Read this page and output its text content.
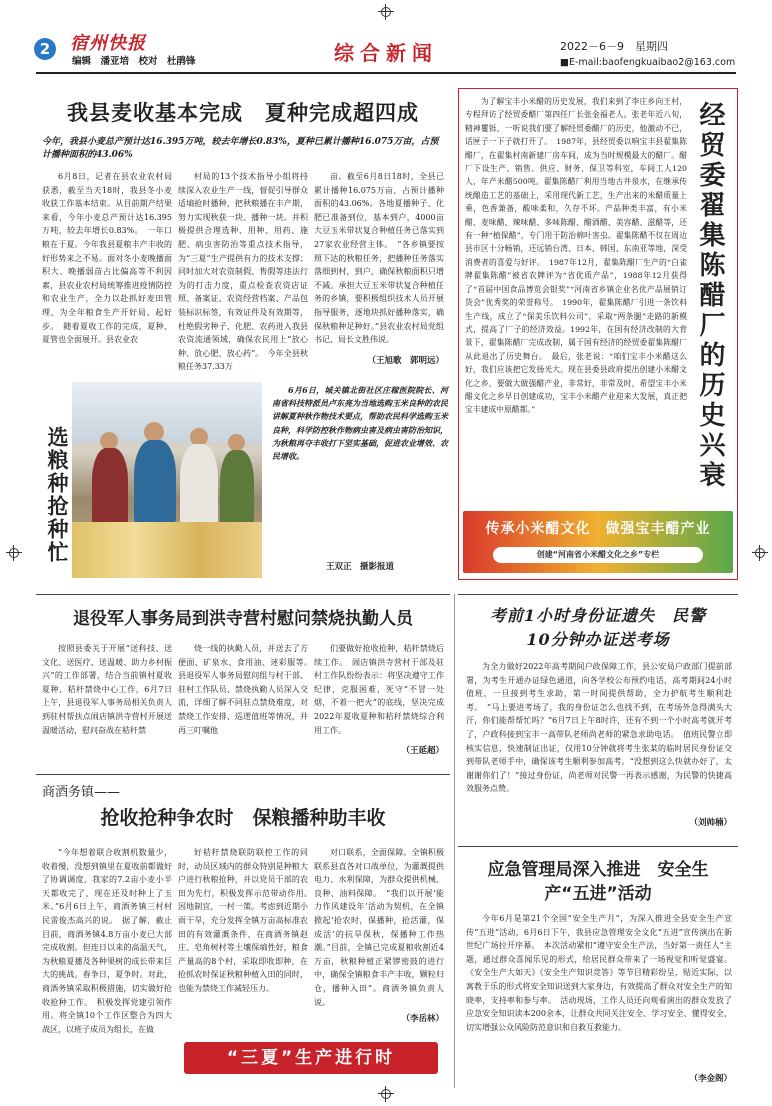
2	宿州快报
编辑　潘亚培　校对　杜鹃锋	综合新闻	2022－6－9　星期四
■E-mail:baofengkuaibao2@163.com
我县麦收基本完成　夏种完成超四成
今年，我县小麦总产预计达16.395万吨，较去年增长0.83%，夏种已累计播种16.075万亩，占预计播种面积的43.06%

6月8日，记者在县农业农村局获悉，截至当天18时，我县冬小麦收获工作基本结束。从目前期产结果来看，今年小麦总产预计达16.395万吨，较去年增长0.83%。　一年口粮在于夏。今年我县夏粮丰产丰收的好形势来之不易。面对冬小麦晚播面积大、晚播弱苗占比偏高等不利因素，县农业农村局统筹推进疫情防控和农业生产，全力以赴抓好麦田管理，为全年粮食生产开好局、起好步。　随着夏收工作的完成，夏种、夏管也全面展开。县农业农

村局的13个技术指导小组将持续深入农业生产一线，督促引导群众适墒抢时播种，把秋粮播在丰产期，努力实现秋获一块、播种一块。并积极提供合理选种、用种、用药、施肥、病虫害防治等重点技术指导，为“三夏”生产提供有力的技术支撑；同时加大对农资制假、售假等违法行为的打击力度，重点检查农资店证照、备案证、农资经营档案、产品包装标识标签，有效证件及有效期等，杜绝假劣种子、化肥、农药进入我县农资流通领域，确保农民用上“放心种、放心肥、放心药”。　今年全县秋粮任务37.33万

亩。截至6月8日18时，全县已累计播种16.075万亩，占预计播种面积的43.06%。各地夏播种子、化肥已准备到位，基本到户，4000亩大豆玉米带状复合种植任务已落实到27家农业经营主体。　“各乡镇要按照下达的秋粮任务，把播种任务落实落细到村，到户，确保秋粮面积只增不减。承担大豆玉米带状复合种植任务的乡镇，要积极组织技术人员开展指导服务，逐地块抓好播种落实，确保秋粮种足种好。”县农业农村局党组书记、局长文胜伟说。

（王旭歌　郭明远）
选粮种抢种忙

6月6日，城关镇北街社区庄稼医院院长、河南省科技特派员卢东亮为当地选购玉米良种的农民讲解夏种秋作物技术要点，帮助农民科学选购玉米良种，科学防控秋作物病虫害及病虫害防治知识，为秋粮再夺丰收打下坚实基础，促进农业增效、农民增收。

王双正　摄影报道

为了解宝丰小米醋的历史发展，我们来到了李庄乡向王村，专程拜访了经贸委醋厂第四任厂长张金福老人。张老年近八旬，精神矍铄，一听说我们要了解经贸委醋厂的历史，他激动不已，话匣子一下子就打开了。　1987年，县经贸委以响宝丰县翟集陈醋厂，在翟集村南新建厂房车间，成为当时规模最大的醋厂。醋厂下设生产、销售、供应、财务、保卫等科室，车间工人120人，年产米醋500吨。翟集陈醋厂利用当地古井泉水，在继承传统酿造工艺的基础上，采用现代新工艺，生产出来的米醋质量上乘，色香兼备，酸味柔和，久存不坏。产品种类丰富，有小米醋、麦味醋、辣味醋、多味陈醋、醋酒醋、美容醋、滋醋等，还有一种“植保醋”，专门用于防治棉叶害虫。翟集陈醋不仅在周边县市区十分畅销，还远销台湾、日本、韩国、东南亚等地，深受消费者的喜爱与好评。　1987年12月，翟集陈醋厂生产的“白雀牌翟集陈醋”被省农牌评为“省优质产品”，1988年12月获得了“首届中国食品博览会银奖”“河南省乡镇企业名优产品展销订货会”优秀奖的荣誉称号。　1990年，翟集陈醋厂引进一条饮料生产线，成立了“保美乐饮料公司”，采取“两条腿”走路的新模式，提高了厂子的经济效益。1992年，在国有经济改制的大背景下，翟集陈醋厂完成改制，属于国有经济的经贸委翟集陈醋厂从此退出了历史舞台。　最后，张老说：“咱们宝丰小米醋这么好，我们应该把它发扬光大。现在县委县政府提出创建小米醋文化之乡，要做大做强醋产业，非常好，非常及时，希望宝丰小米醋文化之乡早日创建成功，宝丰小米醋产业迎来大发展，真正把宝丰建成中原醋都。”	经贸委翟集陈醋厂的历史兴衰
传承小米醋文化　做强宝丰醋产业
创建“河南省小米醋文化之乡”专栏
退役军人事务局到洪寺营村慰问禁烧执勤人员

按照县委关于开展“送科技、送文化、送医疗、送温暖、助力乡村振兴”的工作部署，结合当前镇村夏收夏种、秸秆禁烧中心工作，6月7日上午，县退役军人事务局相关负责人到驻村帮扶点闹店镇洪寺营村开展送温暖活动，慰问奋战在秸秆禁

烧一线的执勤人员，并送去了方便面、矿泉水、食用油、迷彩服等。　县退役军人事务局慰问组与村干部、驻村工作队员、禁烧执勤人员深入交流，详细了解不同驻点禁烧难度，对禁烧工作安排、巡逻值班等情况，并再三叮嘱他

们要做好抢收抢种，秸秆禁烧后续工作。　闹店镇洪寺营村干部及驻村工作队纷纷表示：将坚决遵守工作纪律，克服困难，死守“不冒一处烟，不着一把火”的底线，坚决完成2022年夏收夏种和秸秆禁烧综合利用工作。

（王延超）
考前1小时身份证遗失　民警10分钟办证送考场

为全力做好2022年高考期间户政保障工作，县公安局户政部门提前部署，为考生开通办证绿色通道，向各学校公布预约电话，高考期间24小时值班，一旦接到考生求助，第一时间提供帮助，全力护航考生顺利赴考。　“马上要进考场了，我的身份证怎么也找不到，在考场外急得满头大汗，你们能帮帮忙吗？”6月7日上午8时许，还有不到一个小时高考就开考了，户政科接到宝丰一高带队老师尚老师的紧急求助电话。　值班民警立即核实信息，快速制证出证，仅用10分钟就将考生张某的临时居民身份证交到带队老师手中，确保该考生顺利参加高考。“没想到这么快就办好了，太谢谢你们了！”接过身份证，尚老师对民警一再表示感谢，为民警的快捷高效服务点赞。

（刘帅楠）
商酒务镇——
抢收抢种争农时　保粮播种助丰收

“今年想着联合收割机数量少，收着慢，没想到镇里在夏收前都做好了协调调度，我家的7.2亩小麦小半天都收完了，现在还及时种上了玉米。”6月6日上午，商酒务镇三村村民雷俊杰高兴的说。　据了解，截止目前，商酒务镇4.8万亩小麦已大部完成收割。但连日以来的高温天气，为秋粮夏播及各种果树的成长带来巨大的挑战。春争日，夏争时。对此，商酒务镇采取积极措施，切实做好抢收抢种工作。　积极发挥党建引领作用。将全镇10个工作区整合为四大战区，以班子成员为组长，在做

好秸秆禁烧联防联控工作的同时，动员区域内的群众特别是种粮大户进行秋粮抢种，并以党员干部的农田为先行，积极发挥示范带动作用。　因地制宜，一村一策。考虑到近期小雨干旱，充分发挥全镇万亩高标准农田的有效灌溉条件，在商酒务镇赵庄、皂角树村等土壤保墒性好，粮食产量高的8个村，采取即收即种，在抢抓农时保证秋粮种植入田的同时，也能为禁烧工作减轻压力。

对口联系，全面保障。全镇积极联系县直各对口战单位，为灌溉提供电力、水利保障，为群众提供机械、良种、油料保障。　“我们以开展‘能力作风建设年’活动为契机，在全镇掀起‘抢农时，保播种，抢活灌，保成活’的抗旱保秋，保播种工作热潮。”目前，全镇已完成夏粮收割近4万亩，秋粮种植正紧锣密鼓的进行中，确保全镇粮食丰产丰收，颗粒归仓，播种入田”。商酒务镇负责人说。

（李岳林）
“三夏”生产进行时
应急管理局深入推进　安全生产“五进”活动

今年6月是第21个全国“安全生产月”，为深入推进全县安全生产宣传“五进”活动，6月6日下午，我县应急管理安全文化“五进”宣传演出在新世纪广场拉开序幕。　本次活动紧扣“遵守安全生产法，当好第一责任人”主题，通过群众喜闻乐见的形式，给居民群众带来了一场视觉和听觉盛宴。《安全生产大如天》《安全生产知识竞答》等节目精彩纷呈，贴近实际，以寓教于乐的形式将安全知识送到大家身边，有效提高了群众对安全生产的知晓率，支持率和参与率。　活动现场，工作人员还向观看演出的群众发放了应急安全知识读本200余本，让群众共同关注安全、学习安全、懂得安全，切实增强公众风险防范意识和自救互救能力。

（李金阁）
